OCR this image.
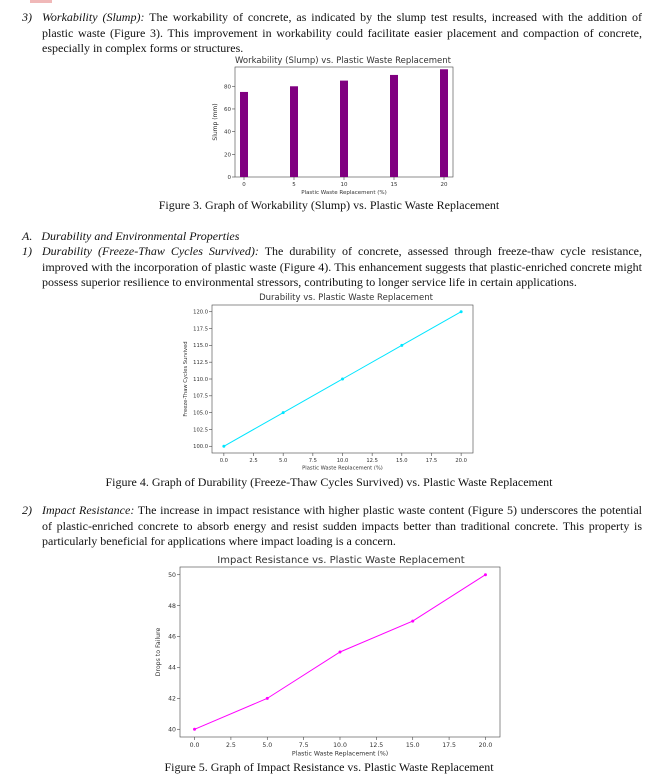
3) Workability (Slump): The workability of concrete, as indicated by the slump test results, increased with the addition of plastic waste (Figure 3). This improvement in workability could facilitate easier placement and compaction of concrete, especially in complex forms or structures.

Workability (Slump) vs. Plastic Waste Replacement
0
20
40
60
80
0	5	10	15	20
Plastic Waste Replacement (%)
Slump (mm)
Figure 3. Graph of Workability (Slump) vs. Plastic Waste Replacement
A. Durability and Environmental Properties
1) Durability (Freeze-Thaw Cycles Survived): The durability of concrete, assessed through freeze-thaw cycle resistance, improved with the incorporation of plastic waste (Figure 4). This enhancement suggests that plastic-enriched concrete might possess superior resilience to environmental stressors, contributing to longer service life in certain applications.

Durability vs. Plastic Waste Replacement
100.0
102.5
105.0
107.5
110.0
112.5
115.0
117.5
120.0
0.0	2.5	5.0	7.5	10.0	12.5	15.0	17.5	20.0
Plastic Waste Replacement (%)
Freeze-Thaw Cycles Survived
Figure 4. Graph of Durability (Freeze-Thaw Cycles Survived) vs. Plastic Waste Replacement
2) Impact Resistance: The increase in impact resistance with higher plastic waste content (Figure 5) underscores the potential of plastic-enriched concrete to absorb energy and resist sudden impacts better than traditional concrete. This property is particularly beneficial for applications where impact loading is a concern.

Impact Resistance vs. Plastic Waste Replacement
40
42
44
46
48
50
0.0	2.5	5.0	7.5	10.0	12.5	15.0	17.5	20.0
Plastic Waste Replacement (%)
Drops to Failure
Figure 5. Graph of Impact Resistance vs. Plastic Waste Replacement
